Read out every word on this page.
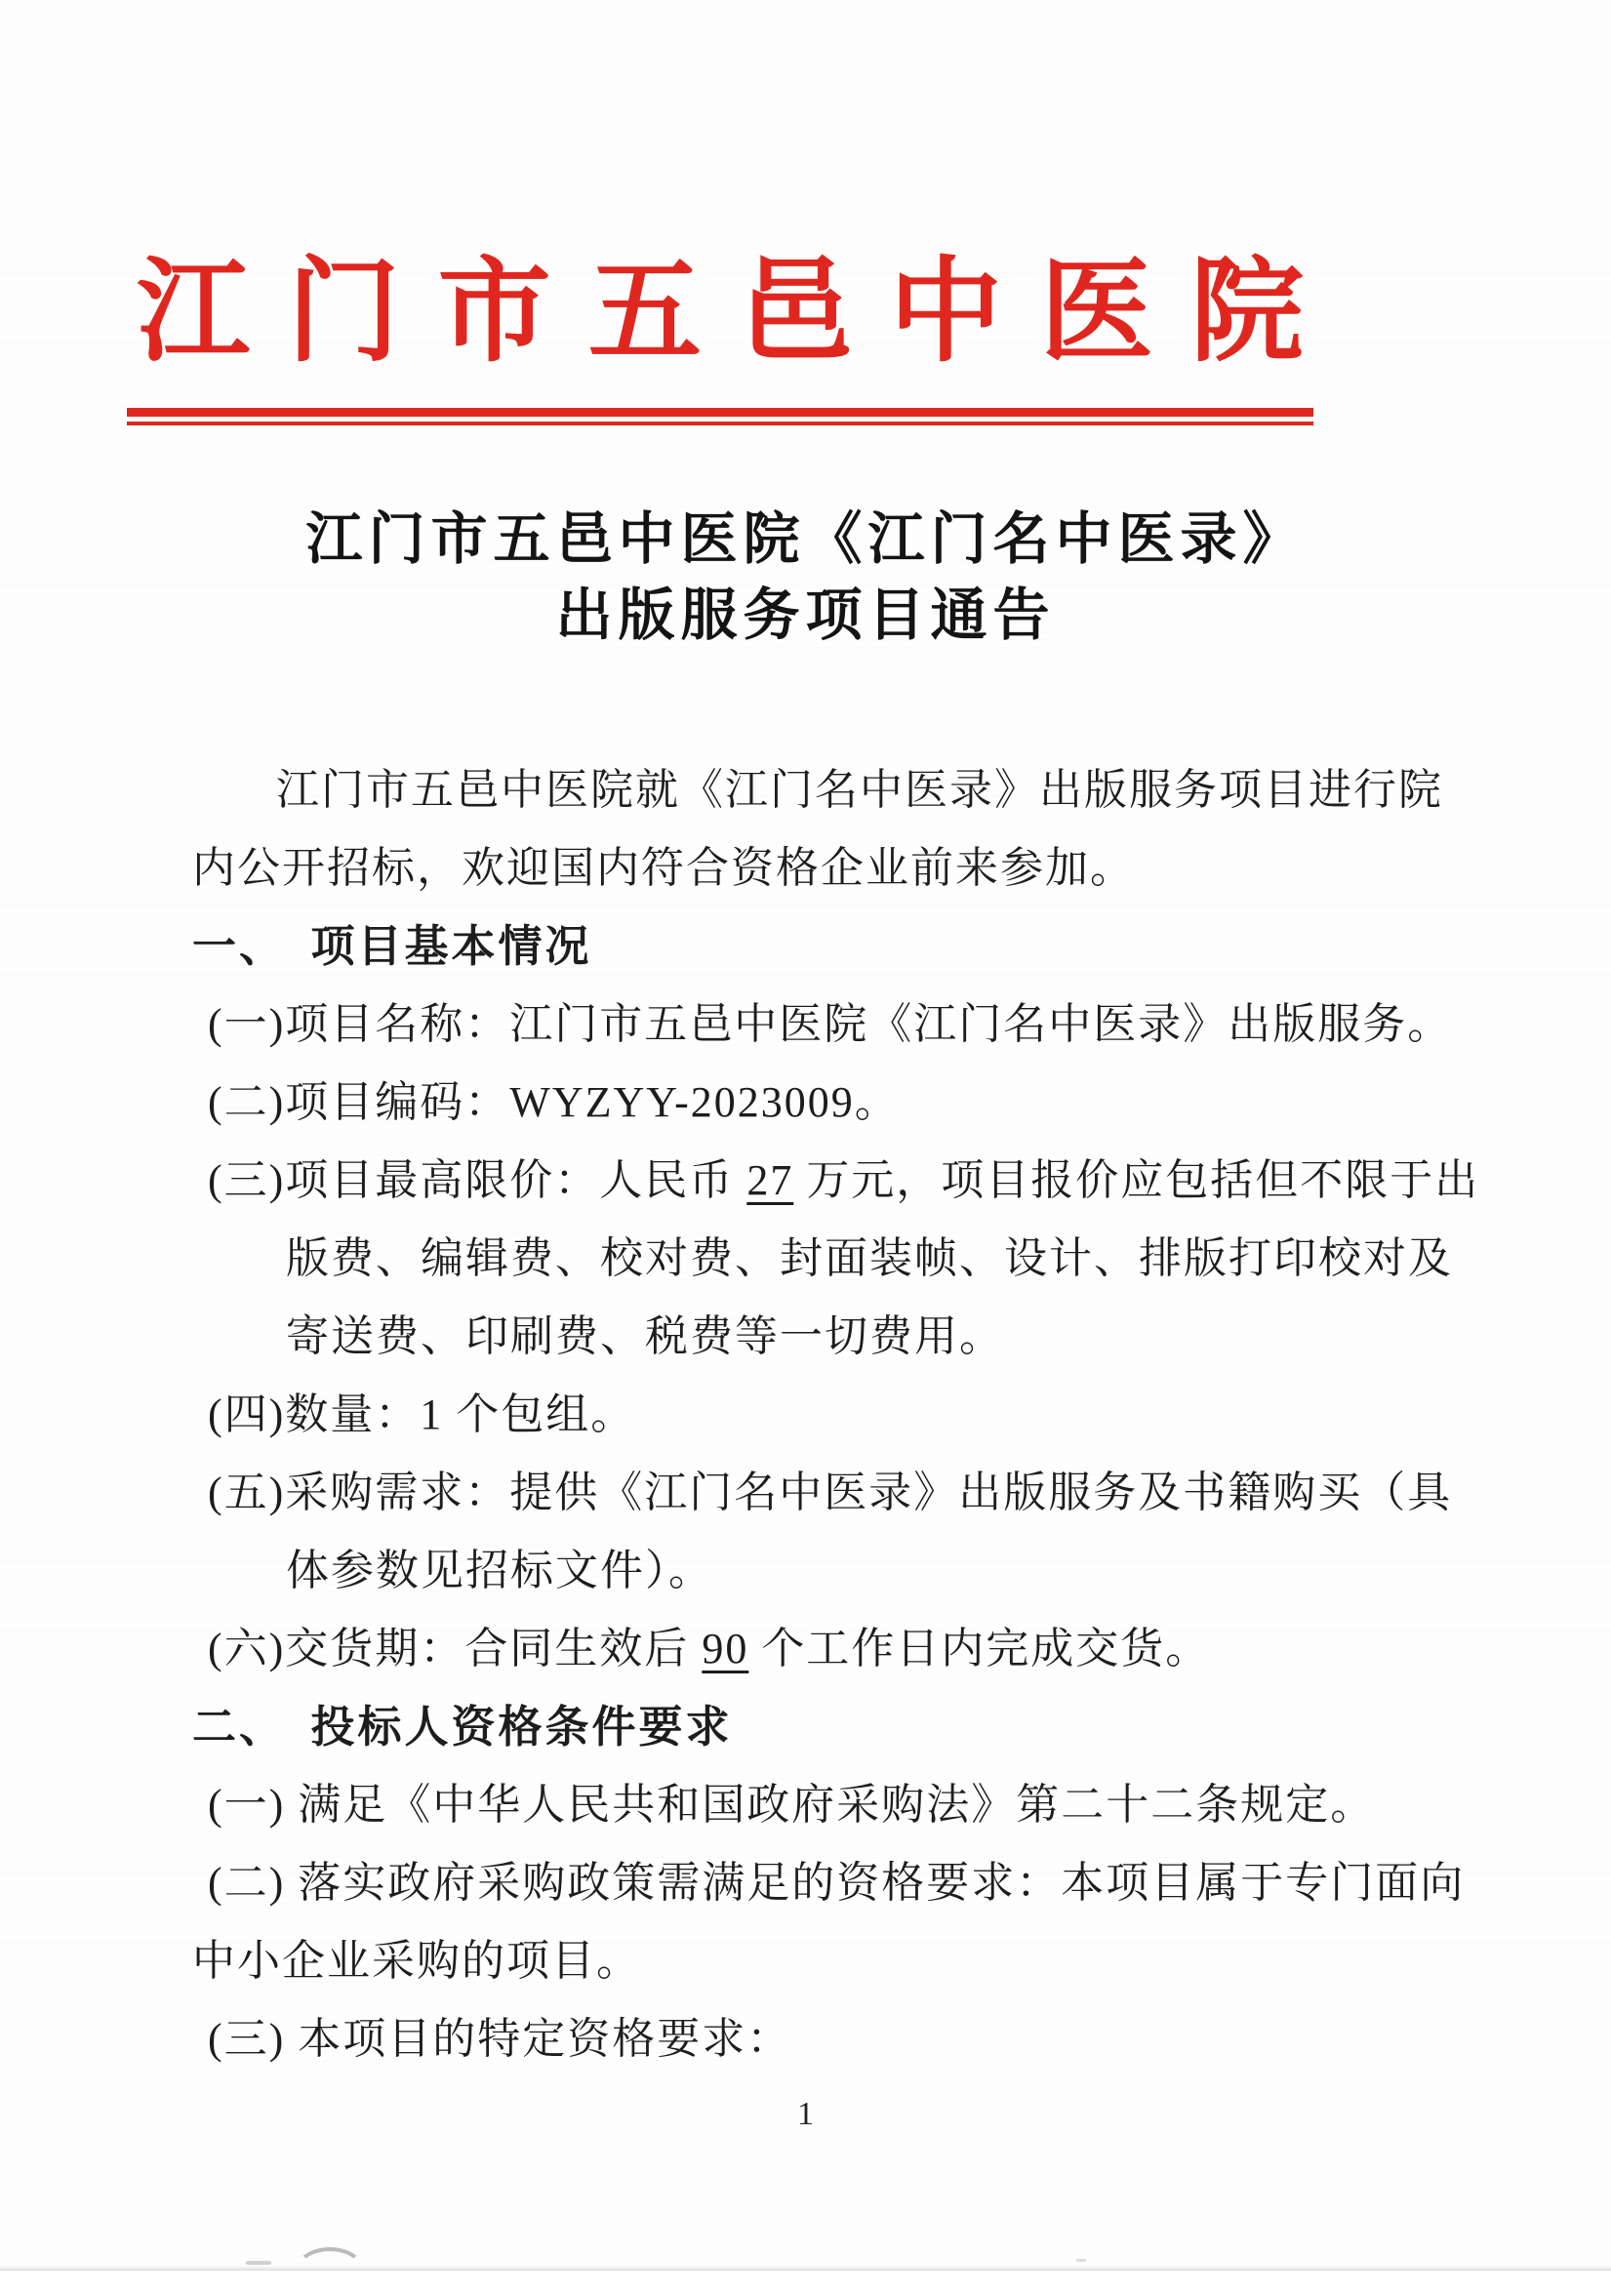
江 门 市 五 邑 中 医 院
江门市五邑中医院《江门名中医录》
出版服务项目通告
江门市五邑中医院就《江门名中医录》出版服务项目进行院
内公开招标，欢迎国内符合资格企业前来参加。
一、　项目基本情况
(一)项目名称：江门市五邑中医院《江门名中医录》出版服务。
(二)项目编码：WYZYY-2023009。
(三)项目最高限价：人民币 27 万元，项目报价应包括但不限于出
版费、编辑费、校对费、封面装帧、设计、排版打印校对及
寄送费、印刷费、税费等一切费用。
(四)数量：1 个包组。
(五)采购需求：提供《江门名中医录》出版服务及书籍购买（具
体参数见招标文件）。
(六)交货期：合同生效后 90 个工作日内完成交货。
二、　投标人资格条件要求
(一) 满足《中华人民共和国政府采购法》第二十二条规定。
(二) 落实政府采购政策需满足的资格要求：本项目属于专门面向
中小企业采购的项目。
(三) 本项目的特定资格要求：
1
